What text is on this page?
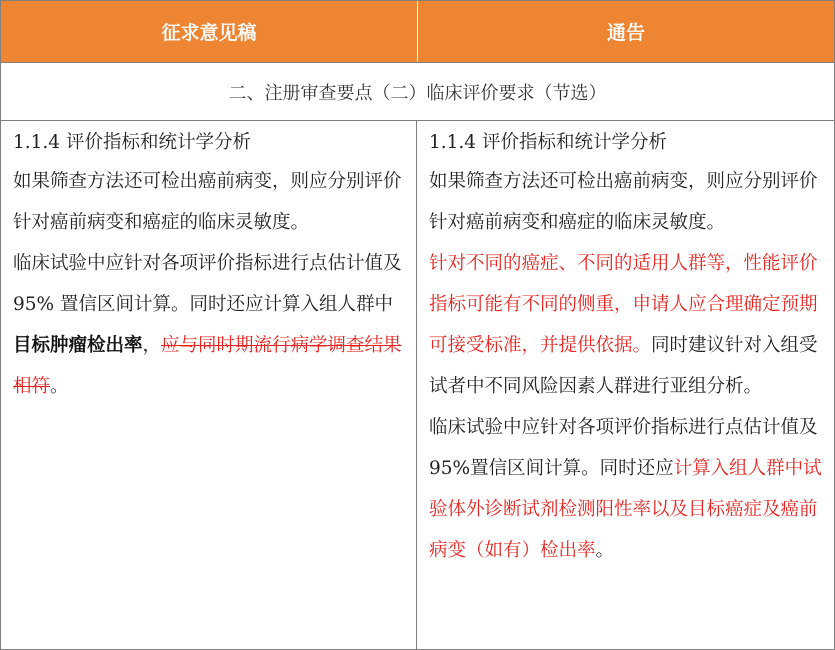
征求意见稿	通告
二、注册审查要点（二）临床评价要求（节选）

1.1.4 评价指标和统计学分析

如果筛查方法还可检出癌前病变，则应分别评价针对癌前病变和癌症的临床灵敏度。

临床试验中应针对各项评价指标进行点估计值及 95% 置信区间计算。同时还应计算入组人群中目标肿瘤检出率，应与同时期流行病学调查结果相符。

1.1.4 评价指标和统计学分析

如果筛查方法还可检出癌前病变，则应分别评价针对癌前病变和癌症的临床灵敏度。

针对不同的癌症、不同的适用人群等，性能评价指标可能有不同的侧重，申请人应合理确定预期可接受标准，并提供依据。同时建议针对入组受试者中不同风险因素人群进行亚组分析。

临床试验中应针对各项评价指标进行点估计值及 95%置信区间计算。同时还应计算入组人群中试验体外诊断试剂检测阳性率以及目标癌症及癌前病变（如有）检出率。
